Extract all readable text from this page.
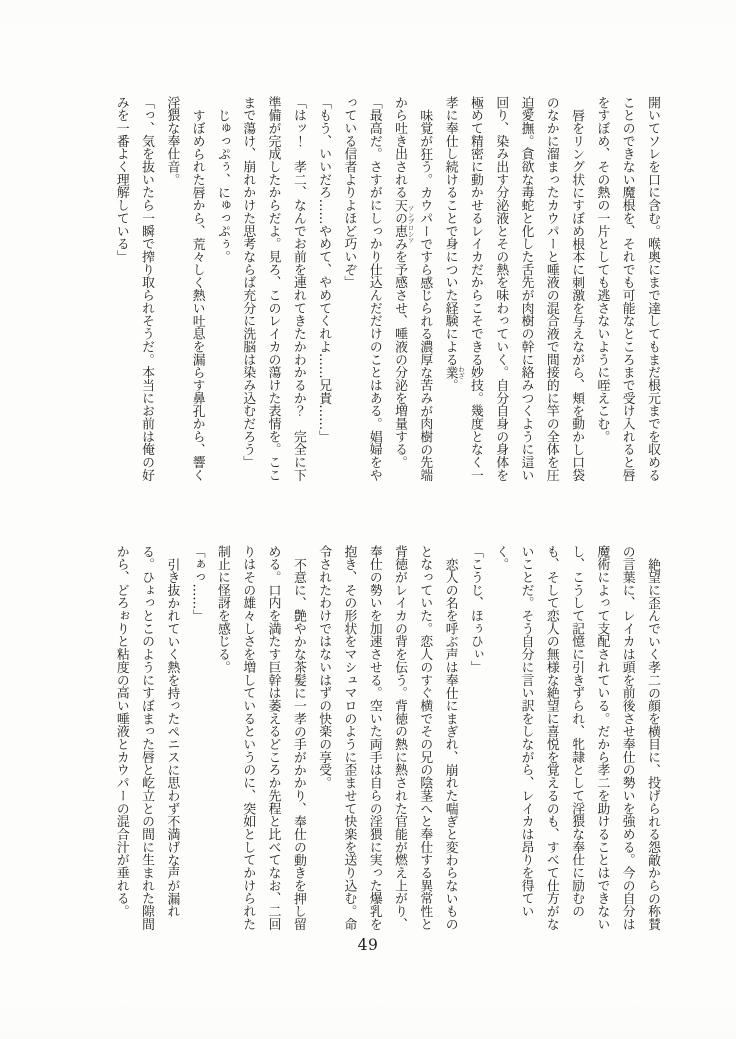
開いてソレを口に含む。喉奥にまで達してもまだ根元までを収めることのできない魔根を、それでも可能なところまで受け入れると唇をすぼめ、その熱の一片としても逃さないように咥えこむ。

唇をリング状にすぼめ根本に刺激を与えながら、頬を動かし口袋のなかに溜まったカウパーと唾液の混合液で間接的に竿の全体を圧迫愛撫。貪欲な毒蛇と化した舌先が肉樹の幹に絡みつくように這い回り、染み出す分泌液とその熱を味わっていく。自分自身の身体を極めて精密に動かせるレイカだからこそできる妙技。幾度となく一孝に奉仕し続けることで身についた経験による業 わざ。

味覚が狂う。カウパーですら感じられる濃厚な苦みが肉樹の先端から吐き出される天の恵み アンブロシアを予感させ、唾液の分泌を増量する。

「最高だ。さすがにしっかり仕込んだだけのことはある。娼婦をやっている信者よりよほど巧いぞ」

「もう、いいだろ……やめて、やめてくれよ……兄貴……」

「はッ！　孝二、なんでお前を連れてきたかわかるか？　完全に下準備が完成したからだよ。見ろ、このレイカの蕩けた表情を。ここまで蕩け、崩れかけた思考ならば充分に洗脳は染み込むだろう」

じゅっぷぅ、にゅっぷぅ。

すぼめられた唇から、荒々しく熱い吐息を漏らす鼻孔から、響く淫猥な奉仕音。

「っ、気を抜いたら一瞬で搾り取られそうだ。本当にお前は俺の好みを一番よく理解している」

絶望に歪んでいく孝二の顔を横目に、投げられる怨敵からの称賛の言葉に、レイカは頭を前後させ奉仕の勢いを強める。今の自分は魔術によって支配されている。だから孝二を助けることはできないし、こうして記憶に引きずられ、牝隷として淫猥な奉仕に励むのも、そして恋人の無様な絶望に喜悦を覚えるのも、すべて仕方がないことだ。そう自分に言い訳をしながら、レイカは昂りを得ていく。

「こうじ、ほぅひぃ」

恋人の名を呼ぶ声は奉仕にまぎれ、崩れた喘ぎと変わらないものとなっていた。恋人のすぐ横でその兄の陰茎へと奉仕する異常性と背徳がレイカの背を伝う。背徳の熱に熱された官能が燃え上がり、奉仕の勢いを加速させる。空いた両手は自らの淫猥に実った爆乳を抱き、その形状をマシュマロのように歪ませて快楽を送り込む。命令されたわけではないはずの快楽の享受。

不意に、艶やかな茶髪に一孝の手がかかり、奉仕の動きを押し留める。口内を満たす巨幹は萎えるどころか先程と比べてなお、二回りはその雄々しさを増しているというのに、突如としてかけられた制止に怪訝を感じる。

「ぁっ……」

引き抜かれていく熱を持ったペニスに思わず不満げな声が漏れる。ひょっとこのようにすぼまった唇と屹立との間に生まれた隙間から、どろぉりと粘度の高い唾液とカウパーの混合汁が垂れる。

49
